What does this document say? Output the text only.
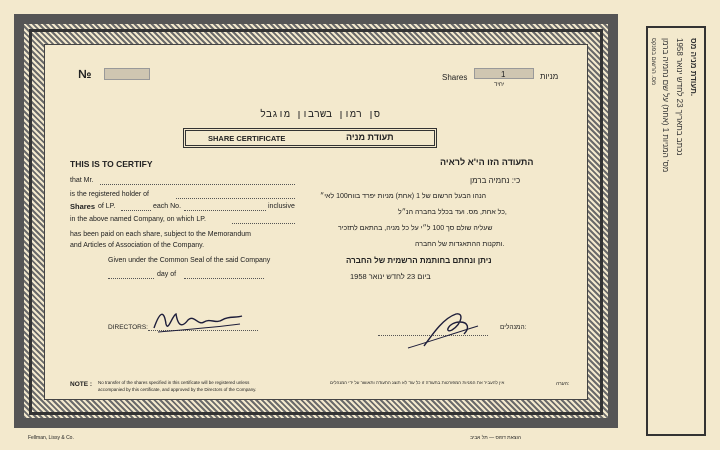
№	Shares	1
יחיד
מניות
סן רמון בשרבון מוגבל
SHARE CERTIFICATE	תעודת מניה
THIS IS TO CERTIFY
that Mr.
is the registered holder of
Shares of LP.	each No.	inclusive
in the above named Company, on which LP.
has been paid on each share, subject to the Memorandum
and Articles of Association of the Company.
Given under the Common Seal of the said Company
day of
DIRECTORS:
התעודה הזו הי'א לראיה
כי: נחמיה ברמן
הנהו הבעל הרשום של 1 (אחת) מניות יפרד בווח100 לאי״
כל אחת, מס. ועד בכלל בחברה הנ״ל,
שעליה שולם סך 100 ל״י על כל מניה, בהתאם לתזכיר
ותקנות ההתאגדות של החברה.
ניתן ונחתם בחותמת הרשמית של החברה
ביום 23 לחדש ינואר 1958
המנהלים:
NOTE : No transfer of the shares specified in this certificate will be registered unless
accompanied by this certificate, and approved by the Directors of the Company.
אין להעביר את המניות המפורטות בתעודה זו כל עוד לא תוצג התעודה ותאושר על ידי המנהלים	הערה:
Fellman, Lissy & Co.	הוצאת דפוס — תל אביב
תעודת מניה מס.
נכתב בתאריך 23 לחדש ינואר 1958
מס' המניות 1 (אחת) על שם נחמיה ברמן
מס. הרשום בפנקס
